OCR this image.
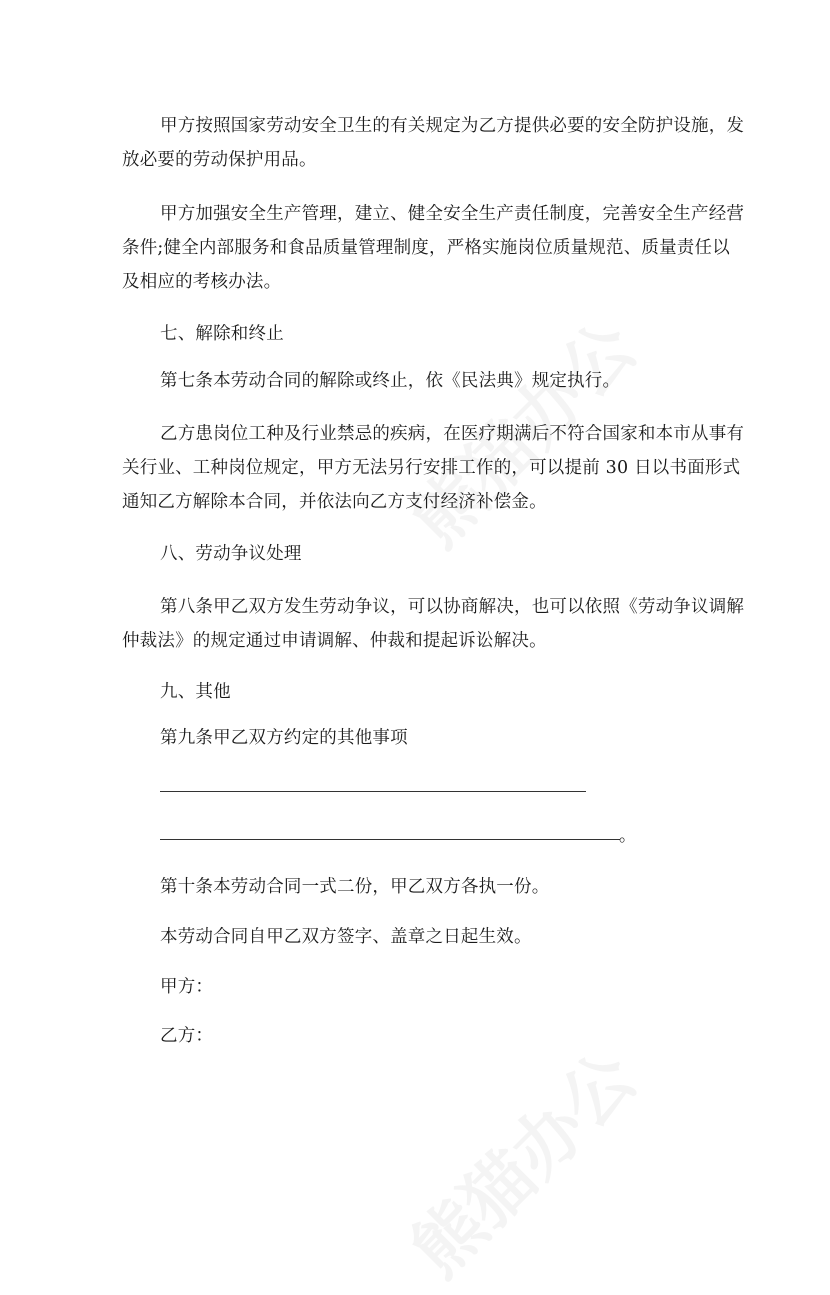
甲方按照国家劳动安全卫生的有关规定为乙方提供必要的安全防护设施，发
放必要的劳动保护用品。
甲方加强安全生产管理，建立、健全安全生产责任制度，完善安全生产经营
条件;健全内部服务和食品质量管理制度，严格实施岗位质量规范、质量责任以
及相应的考核办法。
七、解除和终止
第七条本劳动合同的解除或终止，依《民法典》规定执行。
乙方患岗位工种及行业禁忌的疾病，在医疗期满后不符合国家和本市从事有
关行业、工种岗位规定，甲方无法另行安排工作的，可以提前 30 日以书面形式
通知乙方解除本合同，并依法向乙方支付经济补偿金。
八、劳动争议处理
第八条甲乙双方发生劳动争议，可以协商解决，也可以依照《劳动争议调解
仲裁法》的规定通过申请调解、仲裁和提起诉讼解决。
九、其他
第九条甲乙双方约定的其他事项
。
第十条本劳动合同一式二份，甲乙双方各执一份。
本劳动合同自甲乙双方签字、盖章之日起生效。
甲方：
乙方：
